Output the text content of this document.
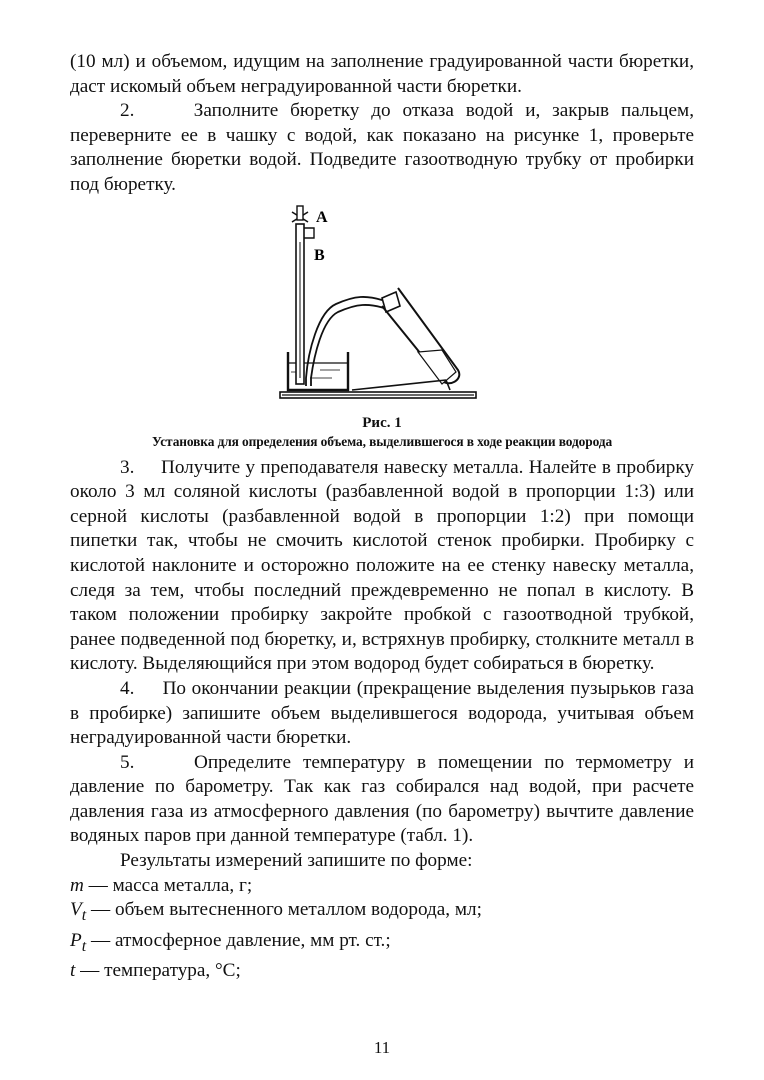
(10 мл) и объемом, идущим на заполнение градуированной части бюретки, даст искомый объем неградуированной части бюретки.

2.     Заполните бюретку до отказа водой и, закрыв пальцем, переверните ее в чашку с водой, как показано на рисунке 1, проверьте заполнение бюретки водой. Подведите газоотводную трубку от пробирки под бюретку.

A
B
Рис. 1
Установка для определения объема, выделившегося в ходе реакции водорода

3.     Получите у преподавателя навеску металла. Налейте в пробирку около 3 мл соляной кислоты (разбавленной водой в пропорции 1:3) или серной кислоты (разбавленной водой в пропорции 1:2) при помощи пипетки так, чтобы не смочить кислотой стенок пробирки. Пробирку с кислотой наклоните и осторожно положите на ее стенку навеску металла, следя за тем, чтобы последний преждевременно не попал в кислоту. В таком положении пробирку закройте пробкой с газоотводной трубкой, ранее подведенной под бюретку, и, встряхнув пробирку, столкните металл в кислоту. Выделяющийся при этом водород будет собираться в бюретку.

4.     По окончании реакции (прекращение выделения пузырьков газа в пробирке) запишите объем выделившегося водорода, учитывая объем неградуированной части бюретки.

5.     Определите температуру в помещении по термометру и давление по барометру. Так как газ собирался над водой, при расчете давления газа из атмосферного давления (по барометру) вычтите давление водяных паров при данной температуре (табл. 1).

Результаты измерений запишите по форме:

m — масса металла, г;

$V_t$ — объем вытесненного металлом водорода, мл;

$P_t$ — атмосферное давление, мм рт. ст.;

t — температура, °С;

11
